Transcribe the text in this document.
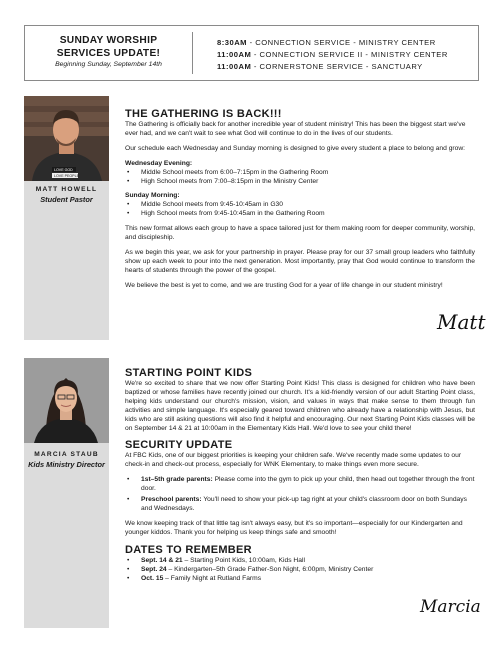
SUNDAY WORSHIP
SERVICES UPDATE!
Beginning Sunday, September 14th
8:30AM - CONNECTION SERVICE - MINISTRY CENTER
11:00AM - CONNECTION SERVICE II - MINISTRY CENTER
11:00AM - CORNERSTONE SERVICE - SANCTUARY
LOVE GOD
LOVE PEOPLE
MATT HOWELL
Student Pastor
THE GATHERING IS BACK!!!

The Gathering is officially back for another incredible year of student ministry! This has been the biggest start we've ever had, and we can't wait to see what God will continue to do in the lives of our students.

Our schedule each Wednesday and Sunday morning is designed to give every student a place to belong and grow:

Wednesday Evening:
• Middle School meets from 6:00–7:15pm in the Gathering Room
• High School meets from 7:00–8:15pm in the Ministry Center
Sunday Morning:
• Middle School meets from 9:45-10:45am in G30
• High School meets from 9:45-10:45am in the Gathering Room

This new format allows each group to have a space tailored just for them making room for deeper community, worship, and discipleship.

As we begin this year, we ask for your partnership in prayer. Please pray for our 37 small group leaders who faithfully show up each week to pour into the next generation. Most importantly, pray that God would continue to transform the hearts of students through the power of the gospel.

We believe the best is yet to come, and we are trusting God for a year of life change in our student ministry!

Matt
MARCIA STAUB
Kids Ministry Director
STARTING POINT KIDS

We're so excited to share that we now offer Starting Point Kids! This class is designed for children who have been baptized or whose families have recently joined our church. It's a kid-friendly version of our adult Starting Point class, helping kids understand our church's mission, vision, and values in ways that make sense to them through fun activities and simple language. It's especially geared toward children who already have a relationship with Jesus, but kids who are still asking questions will also find it helpful and encouraging. Our next Starting Point Kids classes will be on September 14 & 21 at 10:00am in the Elementary Kids Hall. We'd love to see your child there!

SECURITY UPDATE

At FBC Kids, one of our biggest priorities is keeping your children safe. We've recently made some updates to our check-in and check-out process, especially for WNK Elementary, to make things even more secure.

• 1st–5th grade parents: Please come into the gym to pick up your child, then head out together through the front door.
• Preschool parents: You'll need to show your pick-up tag right at your child's classroom door on both Sundays and Wednesdays.

We know keeping track of that little tag isn't always easy, but it's so important—especially for our Kindergarten and younger kiddos. Thank you for helping us keep things safe and smooth!

DATES TO REMEMBER
• Sept. 14 & 21 – Starting Point Kids, 10:00am, Kids Hall
• Sept. 24 – Kindergarten–5th Grade Father-Son Night, 6:00pm, Ministry Center
• Oct. 15 – Family Night at Rutland Farms
Marcia
